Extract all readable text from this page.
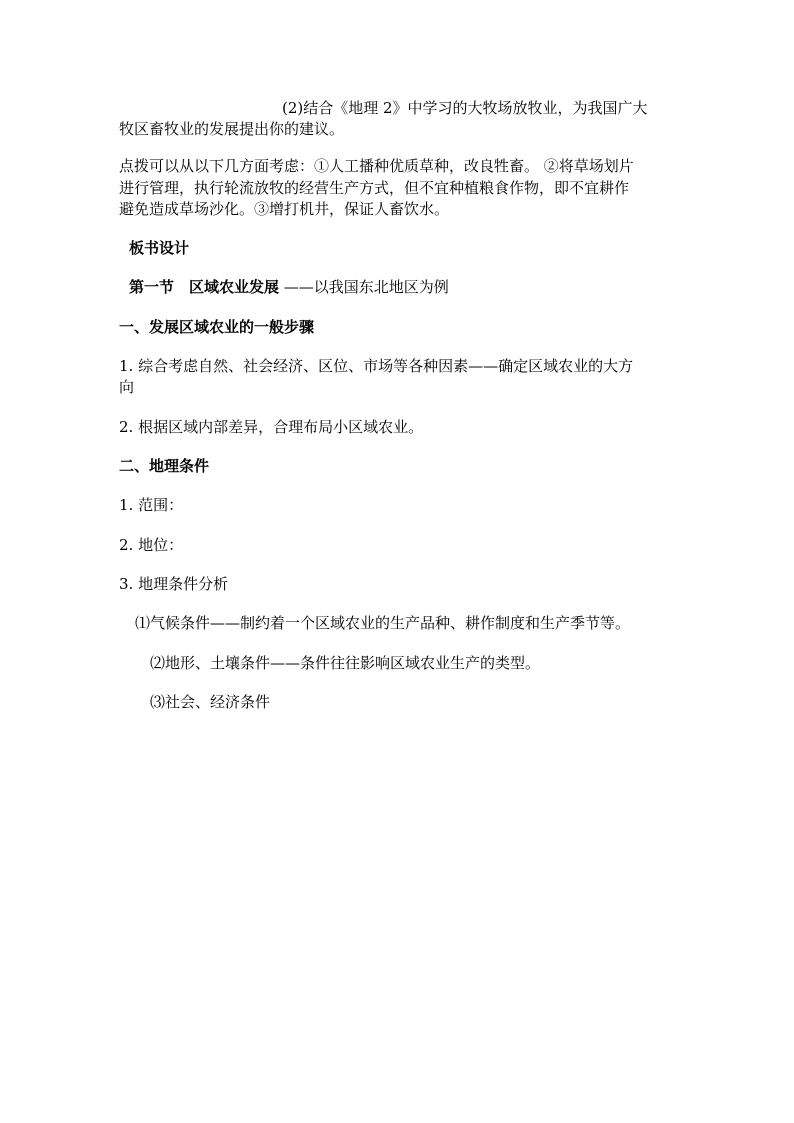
(2)结合《地理 2》中学习的大牧场放牧业，为我国广大
牧区畜牧业的发展提出你的建议。
点拨可以从以下几方面考虑：①人工播种优质草种，改良牲畜。 ②将草场划片
进行管理，执行轮流放牧的经营生产方式，但不宜种植粮食作物，即不宜耕作
避免造成草场沙化。③增打机井，保证人畜饮水。
板书设计
第一节　区域农业发展 ——以我国东北地区为例
一、发展区域农业的一般步骤
1. 综合考虑自然、社会经济、区位、市场等各种因素——确定区域农业的大方
向
2. 根据区域内部差异，合理布局小区域农业。
二、地理条件
1. 范围：
2. 地位：
3. 地理条件分析
⑴气候条件——制约着一个区域农业的生产品种、耕作制度和生产季节等。
⑵地形、土壤条件——条件往往影响区域农业生产的类型。
⑶社会、经济条件
